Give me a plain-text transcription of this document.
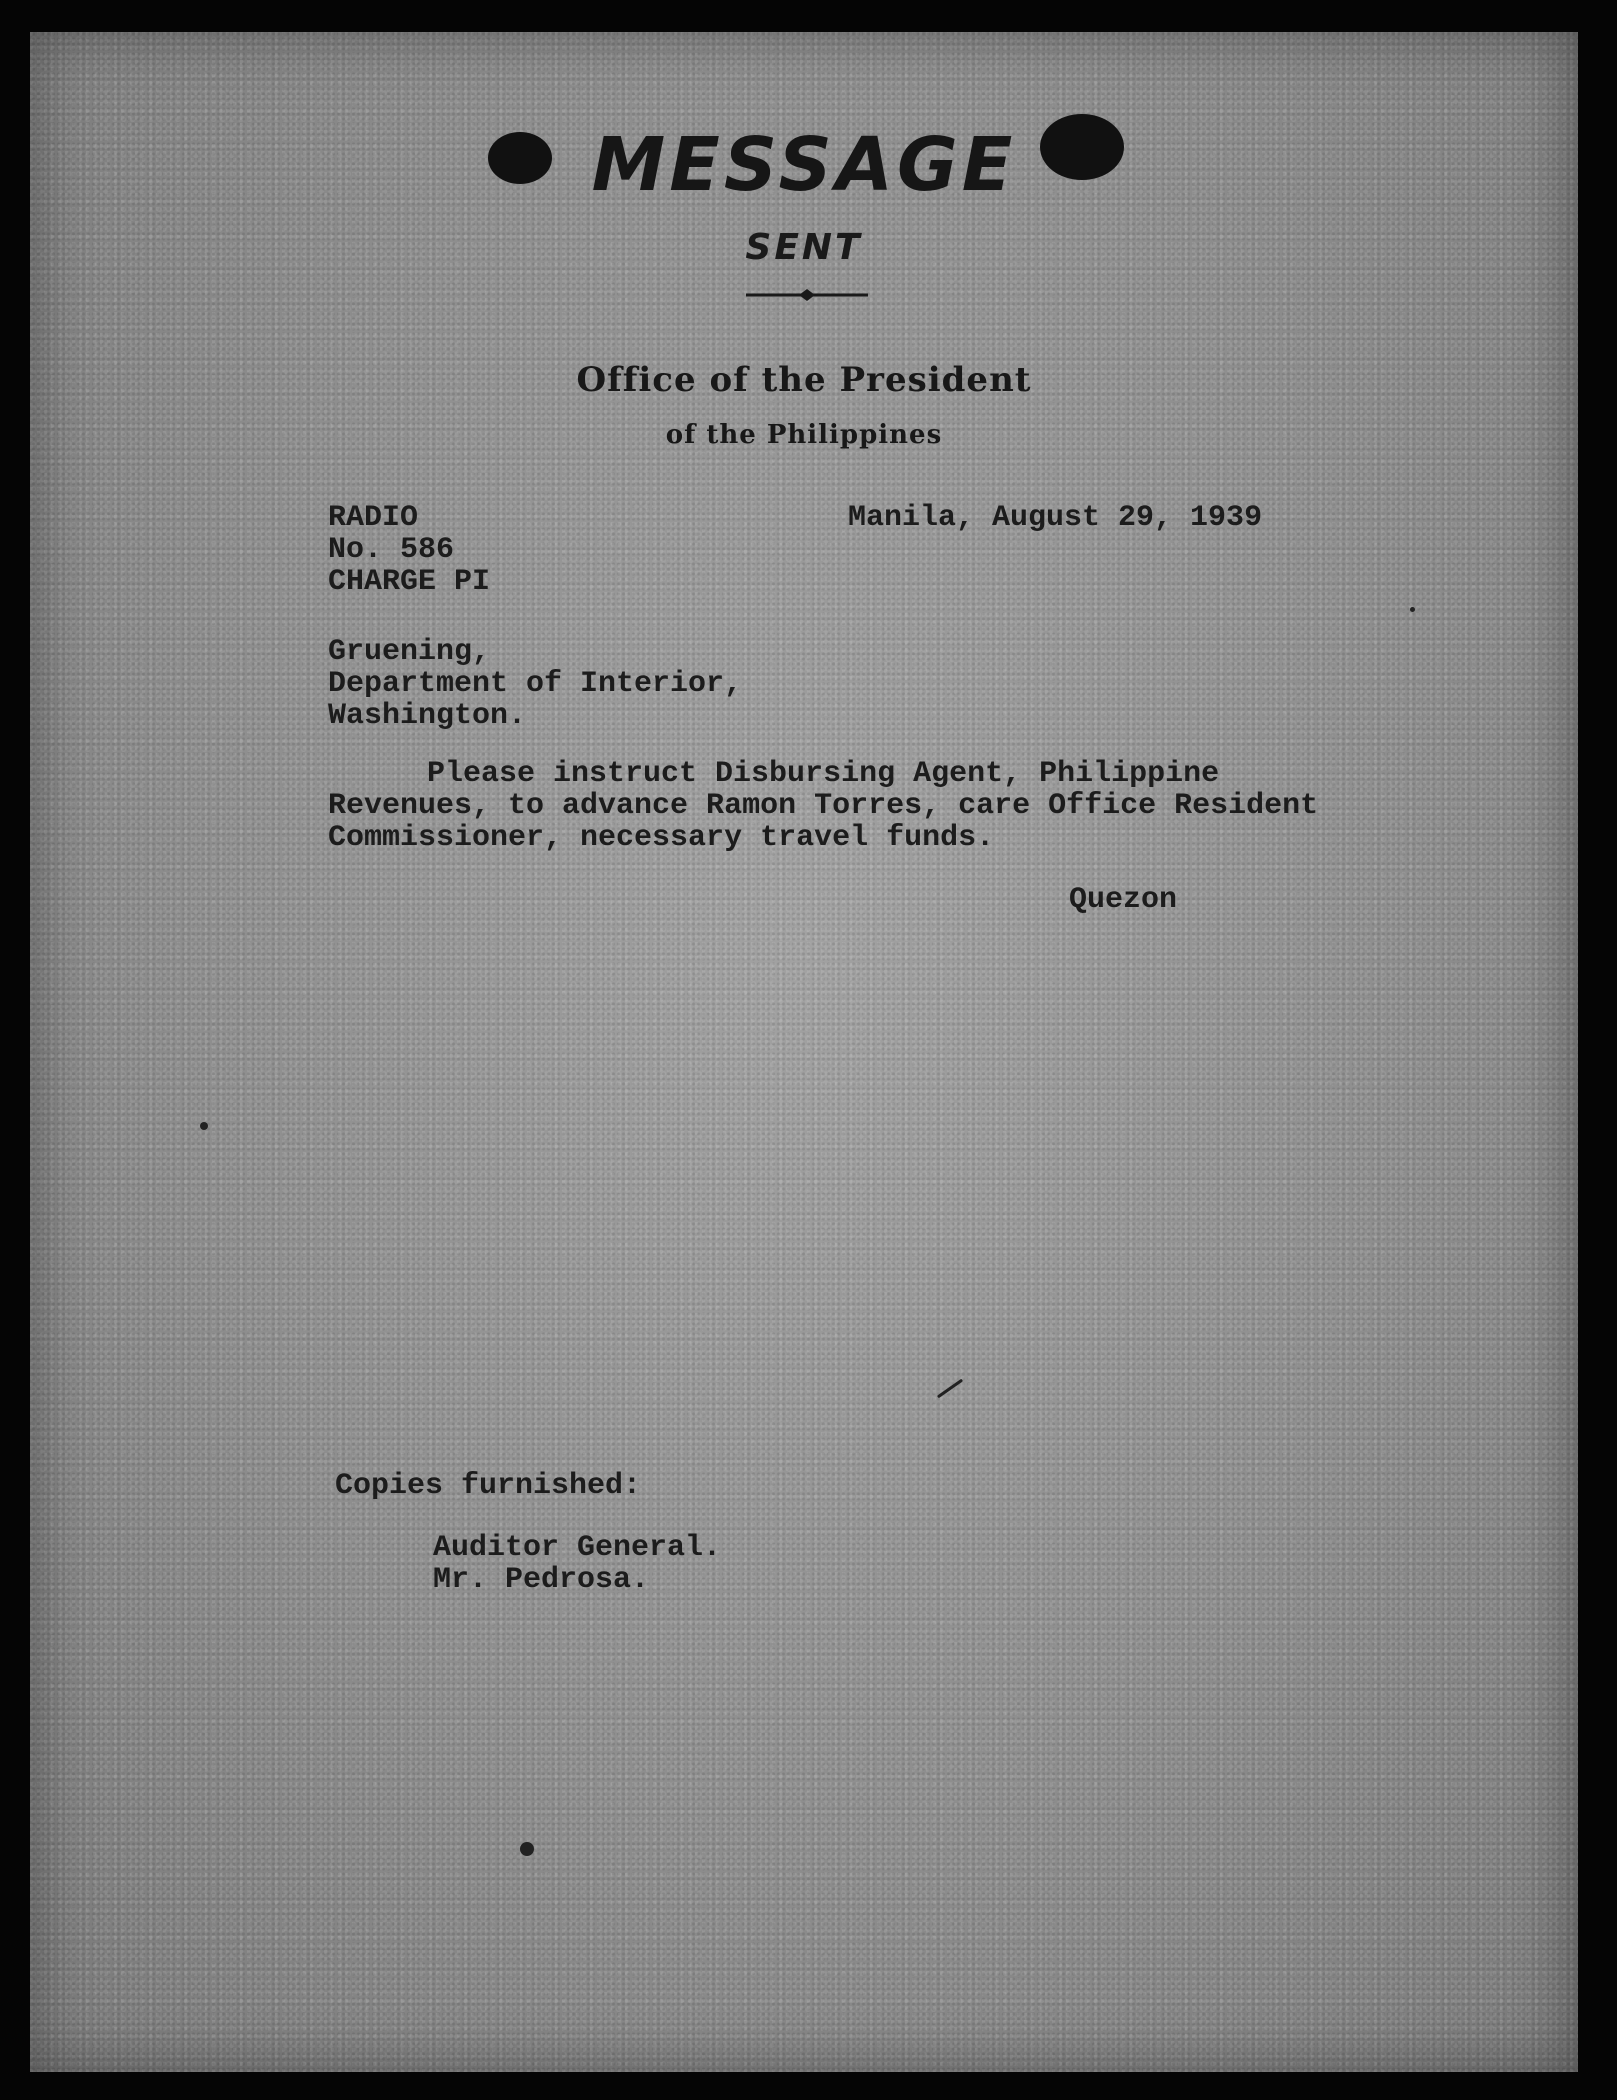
MESSAGE
SENT
Office of the President
of the Philippines
RADIO
No. 586
CHARGE PI
Manila, August 29, 1939
Gruening,
Department of Interior,
Washington.
Please instruct Disbursing Agent, Philippine
Revenues, to advance Ramon Torres, care Office Resident
Commissioner, necessary travel funds.
Quezon
Copies furnished:
Auditor General.
Mr. Pedrosa.
